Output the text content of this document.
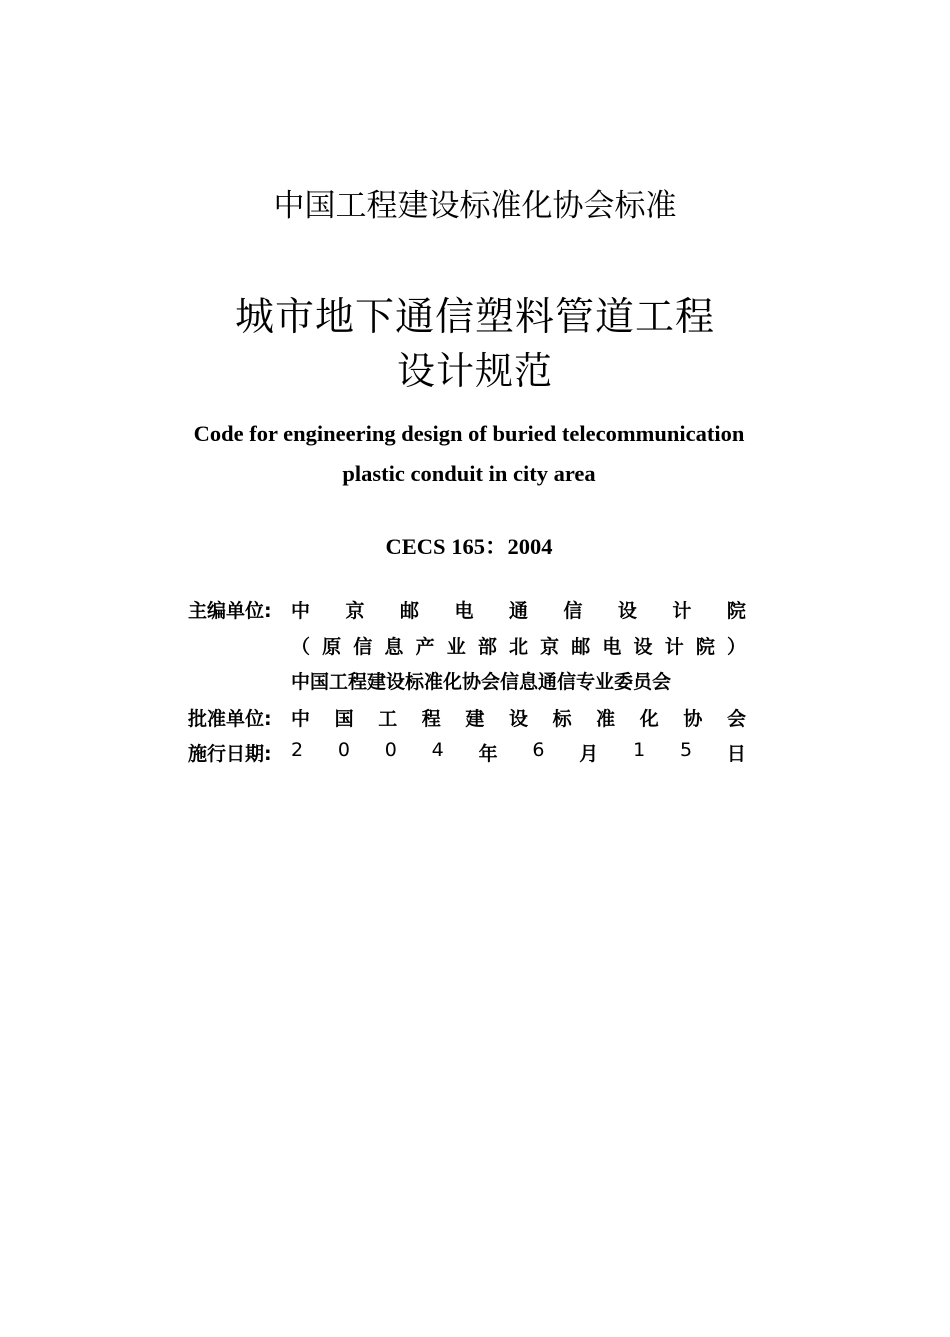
中国工程建设标准化协会标准
城市地下通信塑料管道工程
设计规范
Code for engineering design of buried telecommunication
plastic conduit in city area
CECS 165：2004
主编单位:	中 京 邮 电 通 信 设 计 院
（ 原 信 息 产 业 部 北 京 邮 电 设 计 院 ）
中国工程建设标准化协会信息通信专业委员会
批准单位:	中 国 工 程 建 设 标 准 化 协 会
施行日期:	2 0 0 4 年 6 月 1 5 日
